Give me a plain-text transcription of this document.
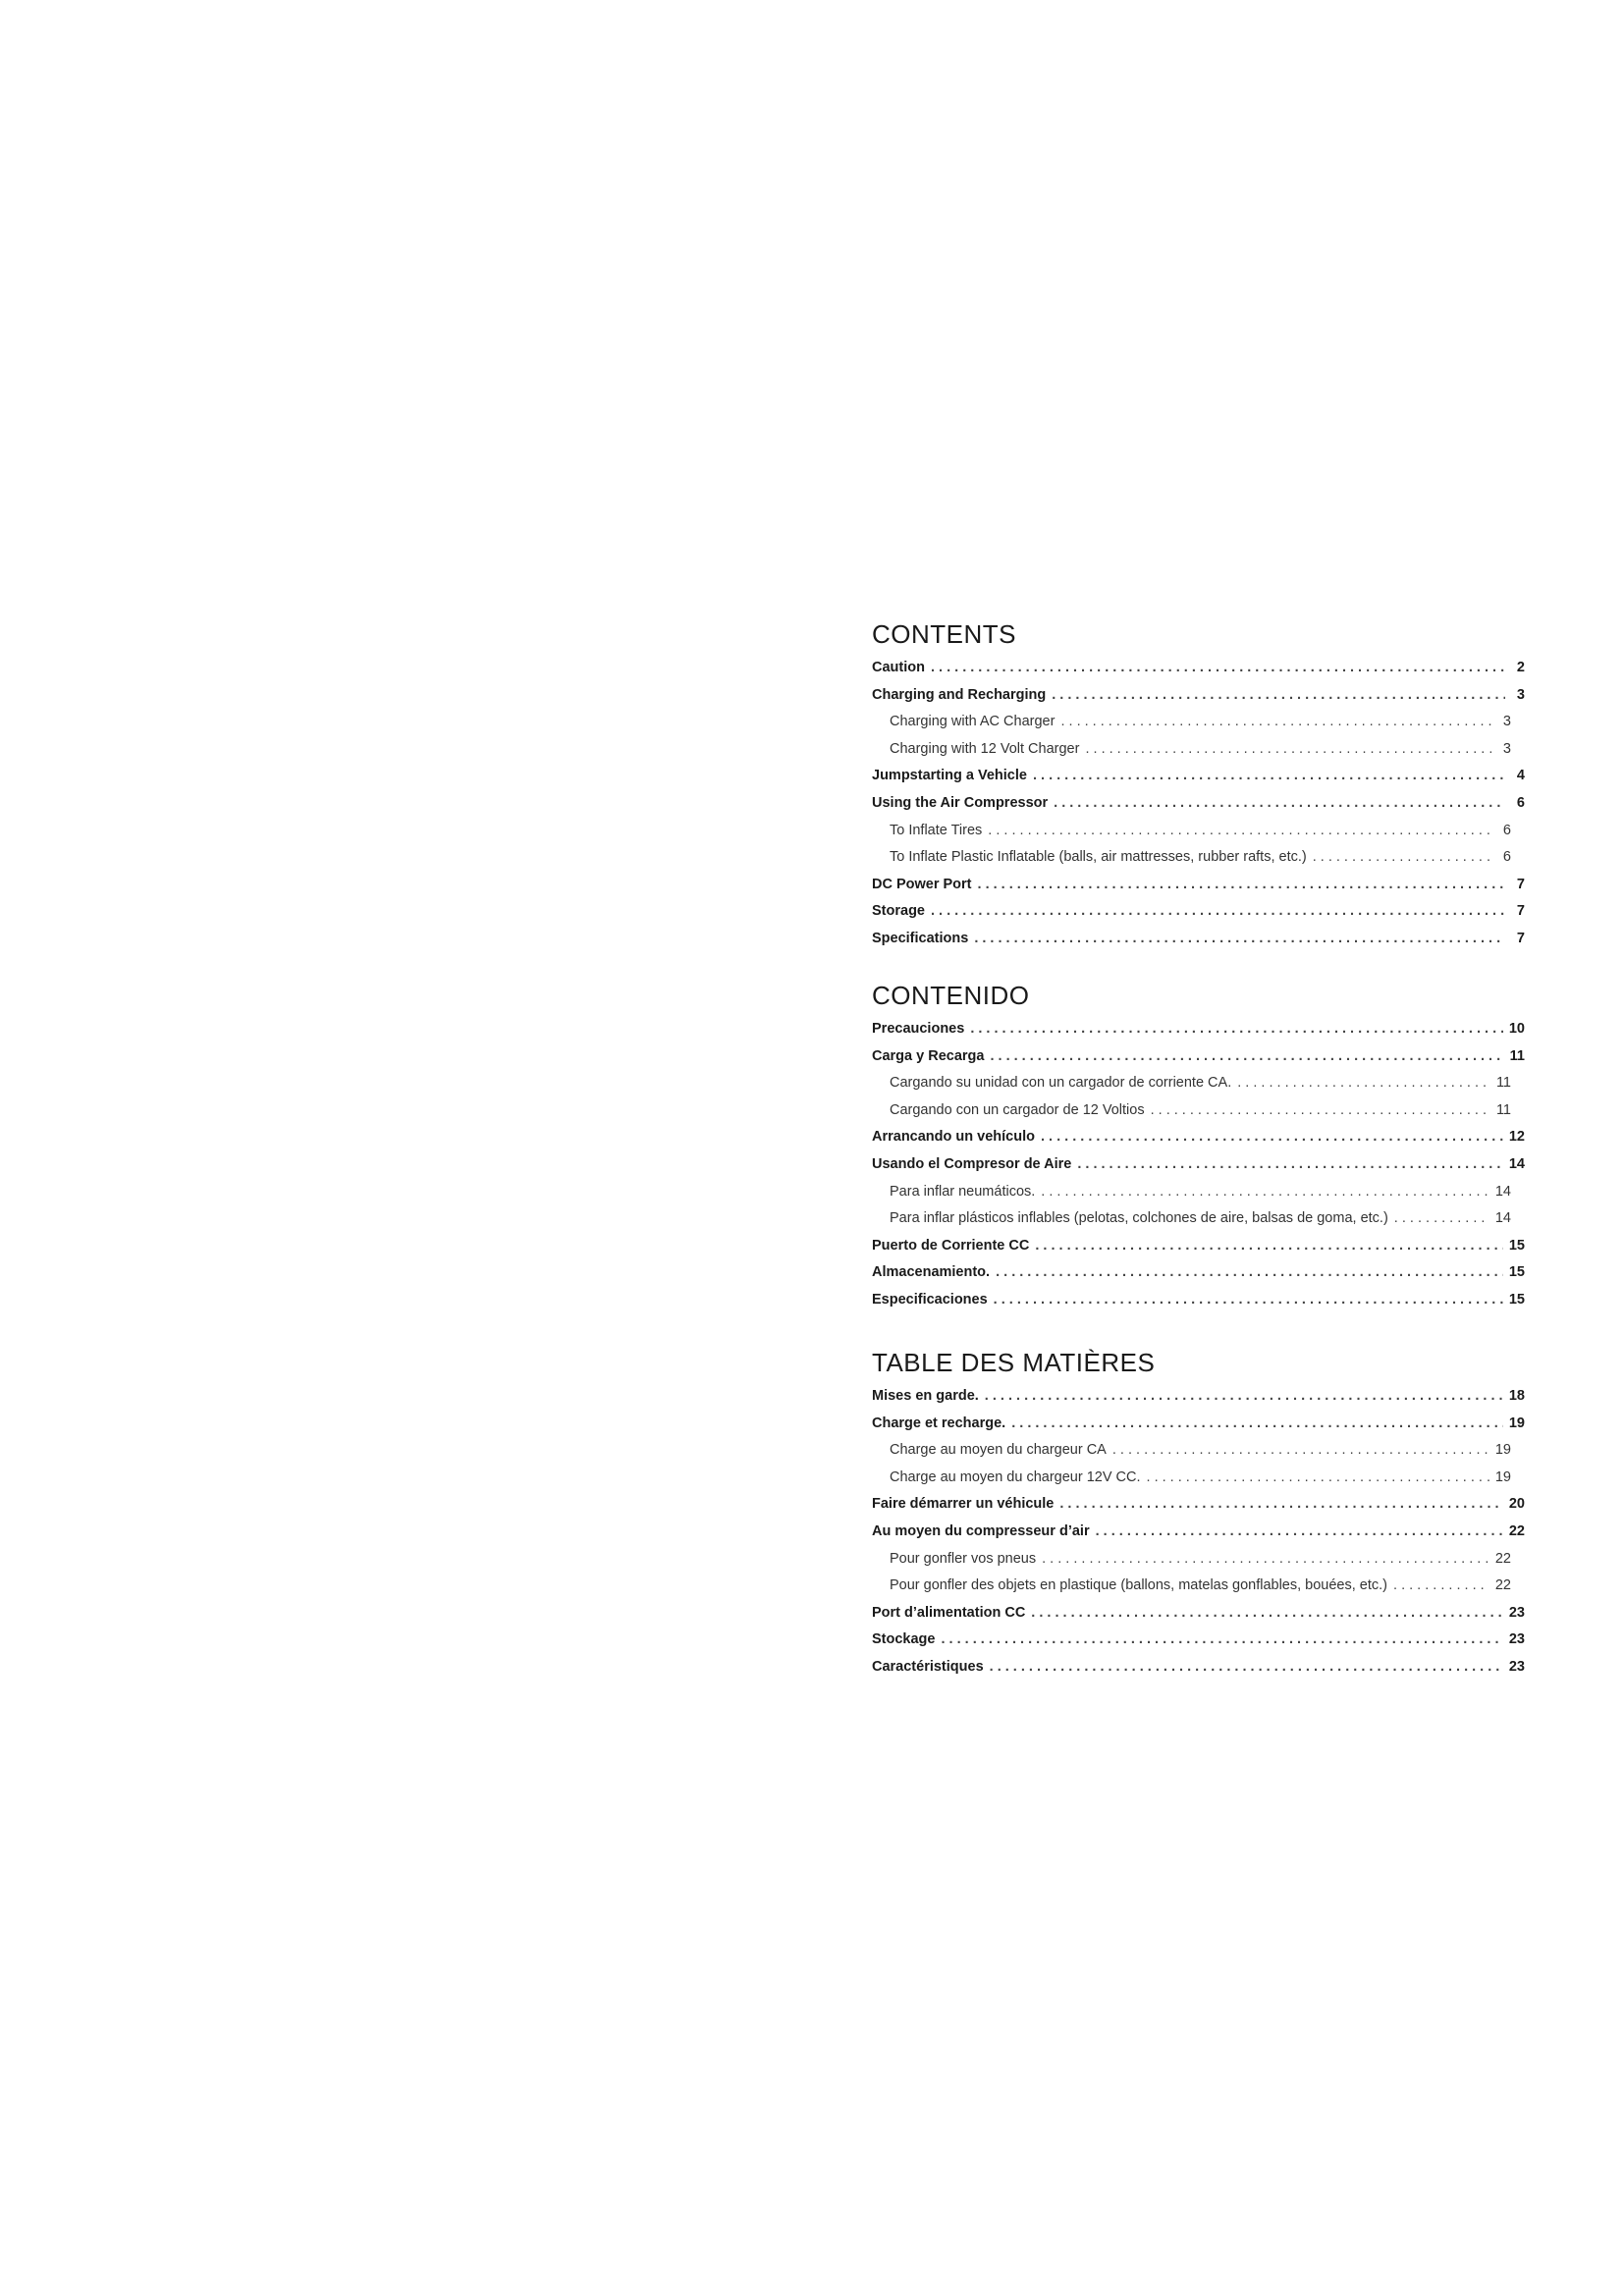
CONTENTS
Caution . . .	2
Charging and Recharging . . .	3
Charging with AC Charger . . .	3
Charging with 12 Volt Charger . . .	3
Jumpstarting a Vehicle . . .	4
Using the Air Compressor . . .	6
To Inflate Tires . . .	6
To Inflate Plastic Inflatable (balls, air mattresses, rubber rafts, etc.) . . .	6
DC Power Port . . .	7
Storage . . .	7
Specifications . . .	7
CONTENIDO
Precauciones . . .	10
Carga y Recarga . . .	11
Cargando su unidad con un cargador de corriente CA. . . .	11
Cargando con un cargador de 12 Voltios . . .	11
Arrancando un vehículo . . .	12
Usando el Compresor de Aire . . .	14
Para inflar neumáticos. . . .	14
Para inflar plásticos inflables (pelotas, colchones de aire, balsas de goma, etc.) . . .	14
Puerto de Corriente CC . . .	15
Almacenamiento. . . .	15
Especificaciones . . .	15
TABLE DES MATIÈRES
Mises en garde. . . .	18
Charge et recharge. . . .	19
Charge au moyen du chargeur CA . . .	19
Charge au moyen du chargeur 12V CC. . . .	19
Faire démarrer un véhicule . . .	20
Au moyen du compresseur d’air . . .	22
Pour gonfler vos pneus . . .	22
Pour gonfler des objets en plastique (ballons, matelas gonflables, bouées, etc.) . . .	22
Port d’alimentation CC . . .	23
Stockage . . .	23
Caractéristiques . . .	23
